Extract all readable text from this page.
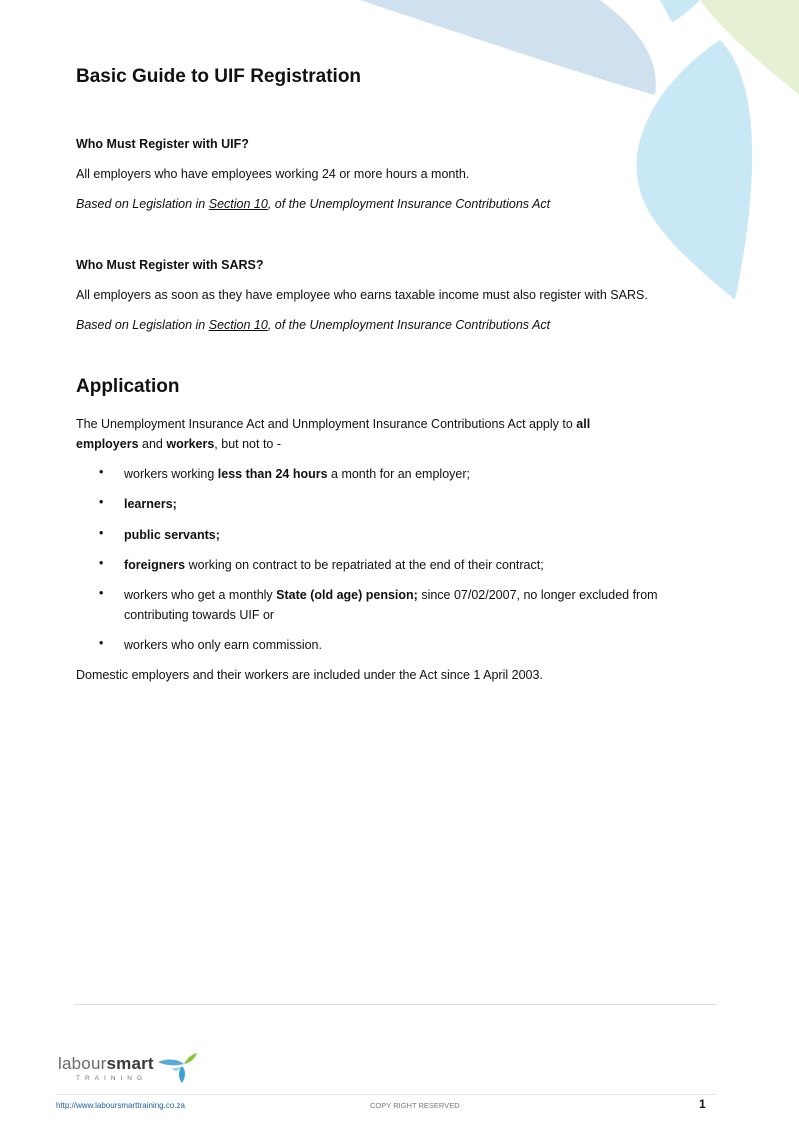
Basic Guide to UIF Registration

Who Must Register with UIF?

All employers who have employees working 24 or more hours a month.

Based on Legislation in Section 10, of the Unemployment Insurance Contributions Act

Who Must Register with SARS?

All employers as soon as they have employee who earns taxable income must also register with SARS.

Based on Legislation in Section 10, of the Unemployment Insurance Contributions Act

Application

The Unemployment Insurance Act and Unmployment Insurance Contributions Act apply to all employers and workers, but not to -

• workers working less than 24 hours a month for an employer;

• learners;

• public servants;

• foreigners working on contract to be repatriated at the end of their contract;

• workers who get a monthly State (old age) pension; since 07/02/2007, no longer excluded from contributing towards UIF or

• workers who only earn commission.

Domestic employers and their workers are included under the Act since 1 April 2003.

laboursmart
TRAINING
http://www.laboursmarttraining.co.za	COPY RIGHT RESERVED	1
